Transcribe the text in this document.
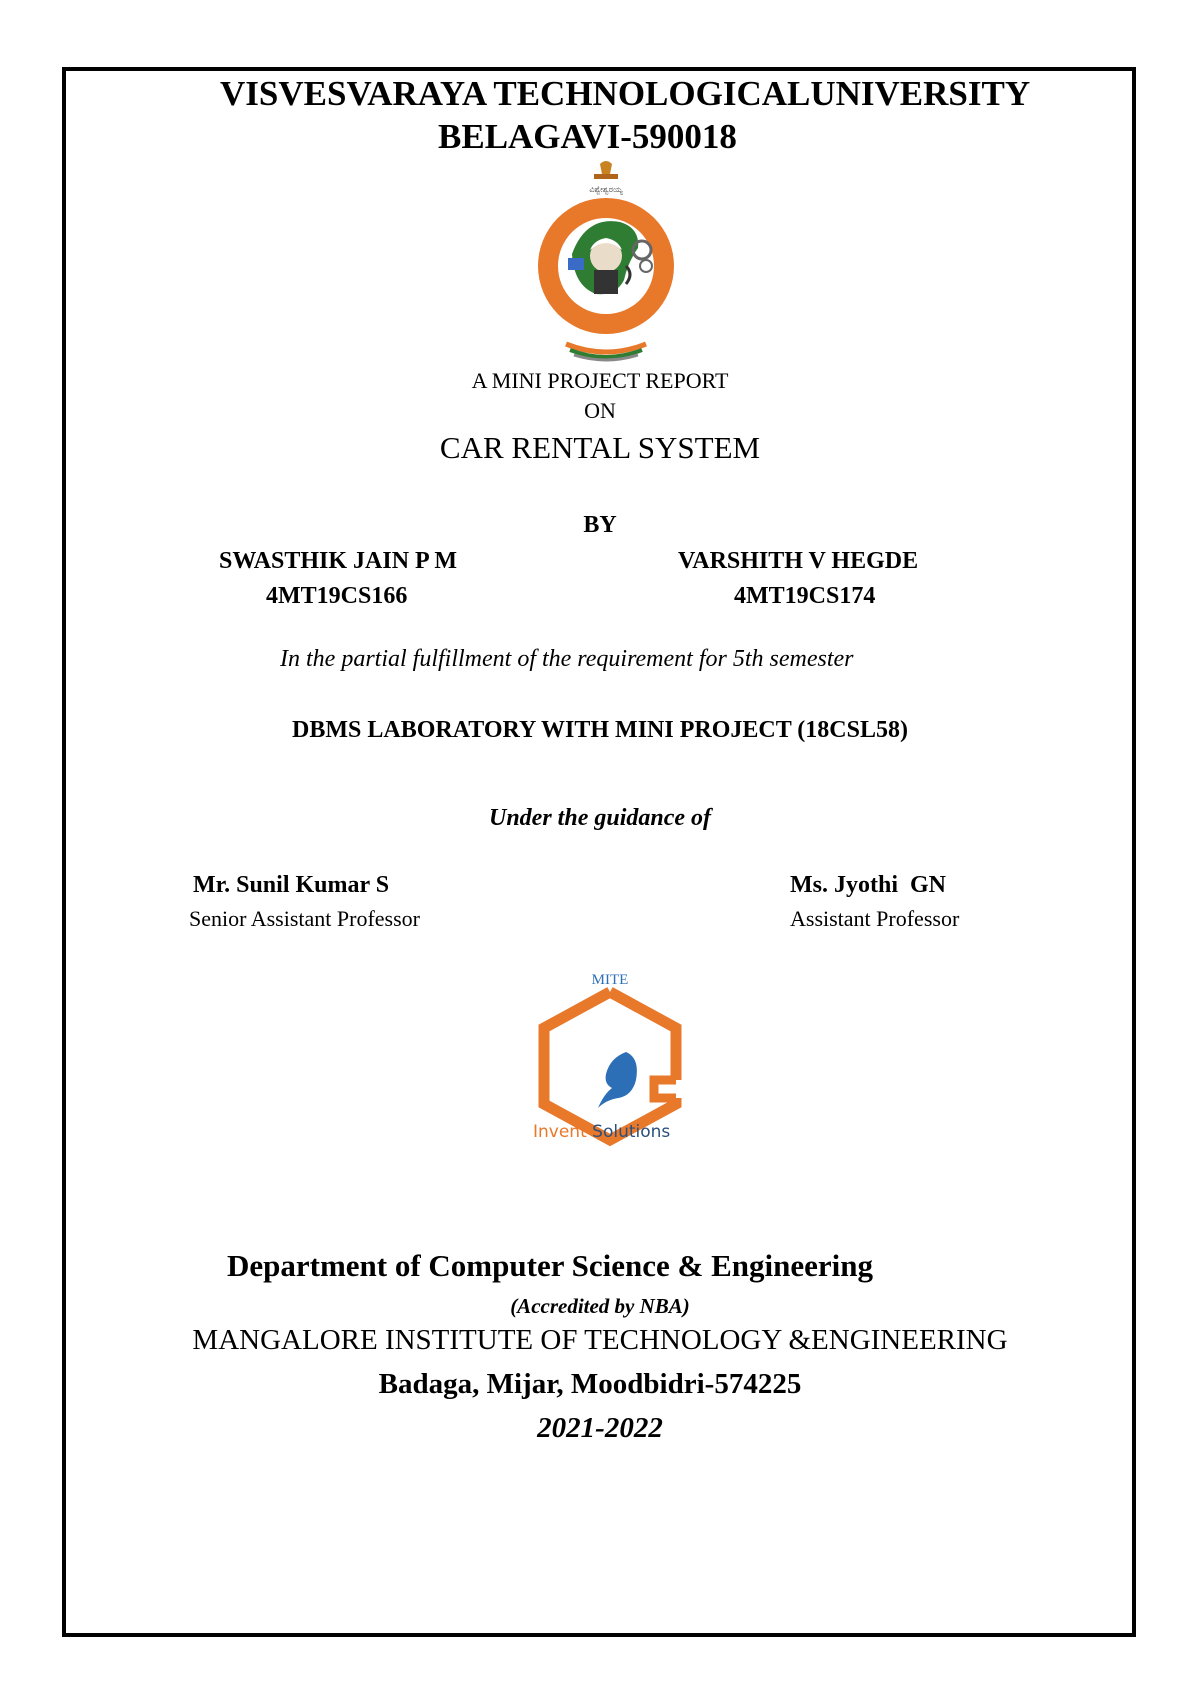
VISVESVARAYA TECHNOLOGICALUNIVERSITY
BELAGAVI-590018
ವಿಶ್ವೇಶ್ವರಯ್ಯ
A MINI PROJECT REPORT
ON
CAR RENTAL SYSTEM
BY
SWASTHIK JAIN P M
4MT19CS166
VARSHITH V HEGDE
4MT19CS174
In the partial fulfillment of the requirement for 5th semester
DBMS LABORATORY WITH MINI PROJECT (18CSL58)
Under the guidance of
Mr. Sunil Kumar S
Senior Assistant Professor
Ms. Jyothi  GN
Assistant Professor
MITE
Invent Solutions
Department of Computer Science & Engineering
(Accredited by NBA)
MANGALORE INSTITUTE OF TECHNOLOGY &ENGINEERING
Badaga, Mijar, Moodbidri-574225
2021-2022
